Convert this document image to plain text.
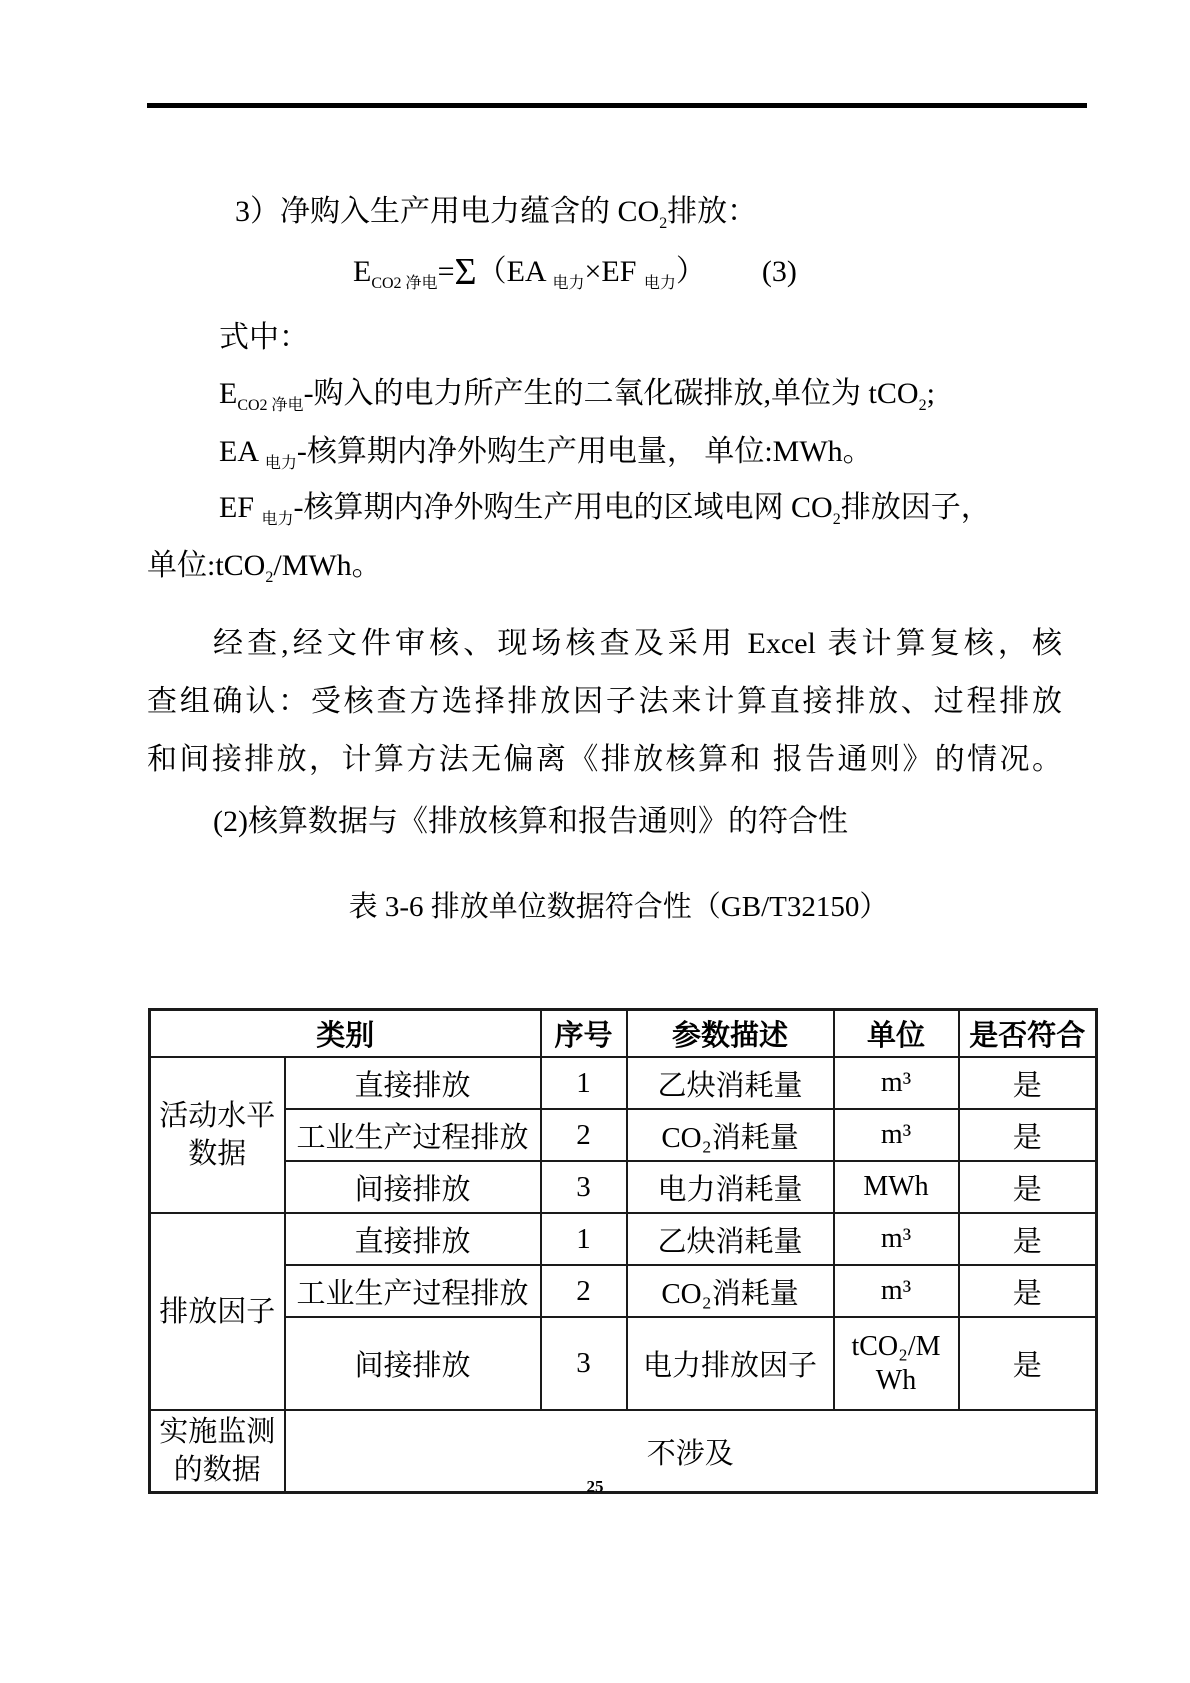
3）净购入生产用电力蕴含的 $CO_2$排放：
$E_{CO2 净电}=\Sigma(EA$ $_{电力}$×EF $_{电力}$） (3)
式中：
$E_{CO2 净电}-$购入的电力所产生的二氧化碳排放,单位为 tCO$_2$;
EA $_{电力}$-核算期内净外购生产用电量， 单位:MWh。
EF $_{电力}$-核算期内净外购生产用电的区域电网 $CO_2$排放因子，
单位:tCO$_2$/MWh。
经查,经文件审核、现场核查及采用 Excel 表计算复核，核
查组确认：受核查方选择排放因子法来计算直接排放、过程排放
和间接排放，计算方法无偏离《排放核算和 报告通则》的情况。
(2)核算数据与《排放核算和报告通则》的符合性
表 3-6 排放单位数据符合性（GB/T32150）
类别		序号	参数描述	单位	是否符合
活动水平数据	直接排放	1	乙炔消耗量	m³	是
	工业生产过程排放	2	CO₂消耗量	m³	是
	间接排放	3	电力消耗量	MWh	是
排放因子	直接排放	1	乙炔消耗量	m³	是
	工业生产过程排放	2	CO₂消耗量	m³	是
	间接排放	3	电力排放因子	tCO₂/MWh	是
实施监测的数据	不涉及				
25
